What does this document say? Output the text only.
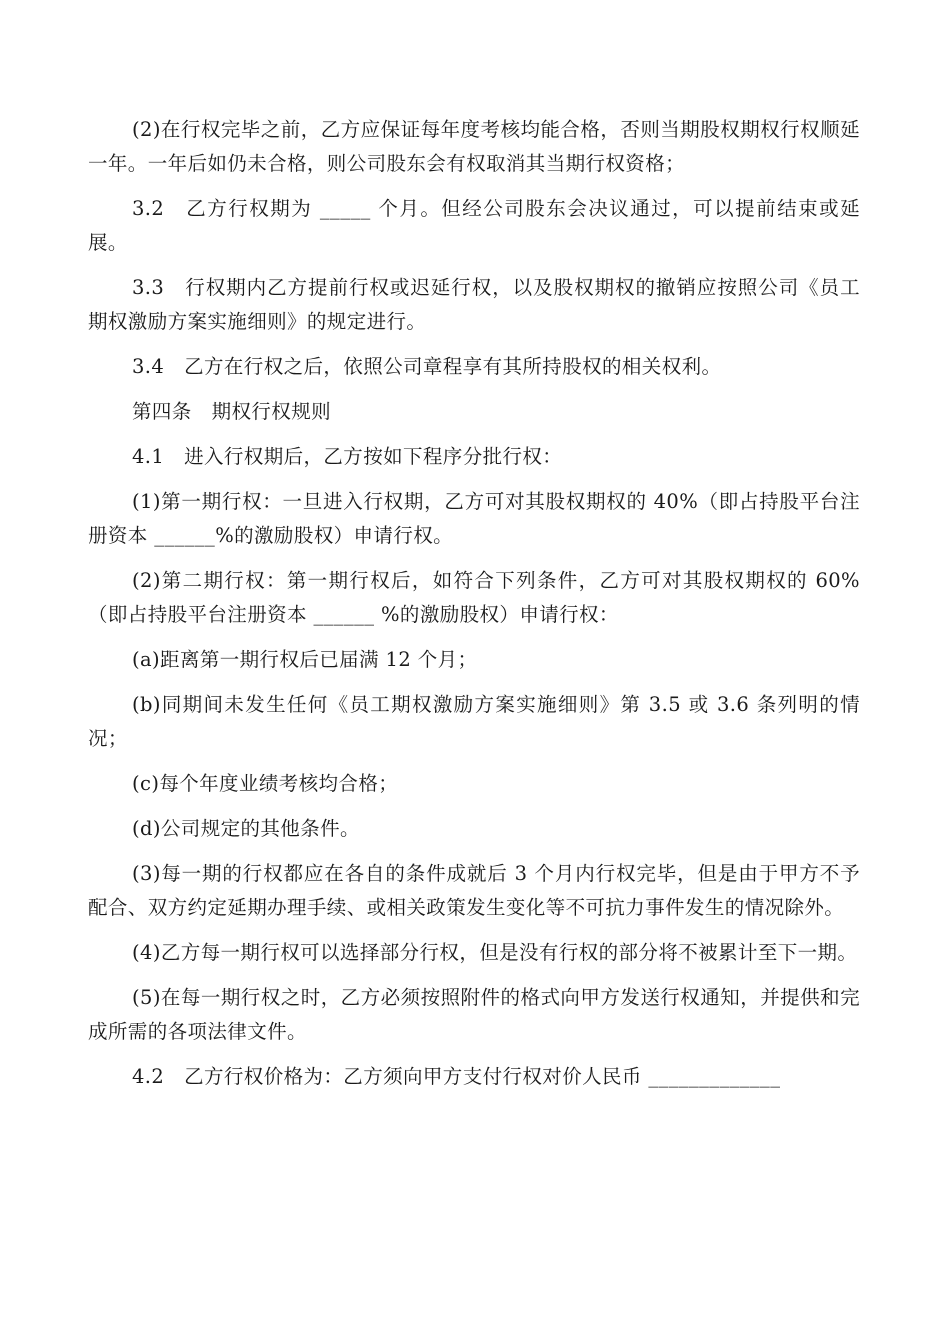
(2)在行权完毕之前，乙方应保证每年度考核均能合格，否则当期股权期权行权顺延一年。一年后如仍未合格，则公司股东会有权取消其当期行权资格；

3.2　乙方行权期为 _____ 个月。但经公司股东会决议通过，可以提前结束或延展。

3.3　行权期内乙方提前行权或迟延行权，以及股权期权的撤销应按照公司《员工期权激励方案实施细则》的规定进行。

3.4　乙方在行权之后，依照公司章程享有其所持股权的相关权利。

第四条　期权行权规则

4.1　进入行权期后，乙方按如下程序分批行权：

(1)第一期行权：一旦进入行权期，乙方可对其股权期权的 40%（即占持股平台注册资本 ______%的激励股权）申请行权。

(2)第二期行权：第一期行权后，如符合下列条件，乙方可对其股权期权的 60%（即占持股平台注册资本 ______ %的激励股权）申请行权：

(a)距离第一期行权后已届满 12 个月；

(b)同期间未发生任何《员工期权激励方案实施细则》第 3.5 或 3.6 条列明的情况；

(c)每个年度业绩考核均合格；

(d)公司规定的其他条件。

(3)每一期的行权都应在各自的条件成就后 3 个月内行权完毕，但是由于甲方不予配合、双方约定延期办理手续、或相关政策发生变化等不可抗力事件发生的情况除外。

(4)乙方每一期行权可以选择部分行权，但是没有行权的部分将不被累计至下一期。

(5)在每一期行权之时，乙方必须按照附件的格式向甲方发送行权通知，并提供和完成所需的各项法律文件。

4.2　乙方行权价格为：乙方须向甲方支付行权对价人民币 _____________
